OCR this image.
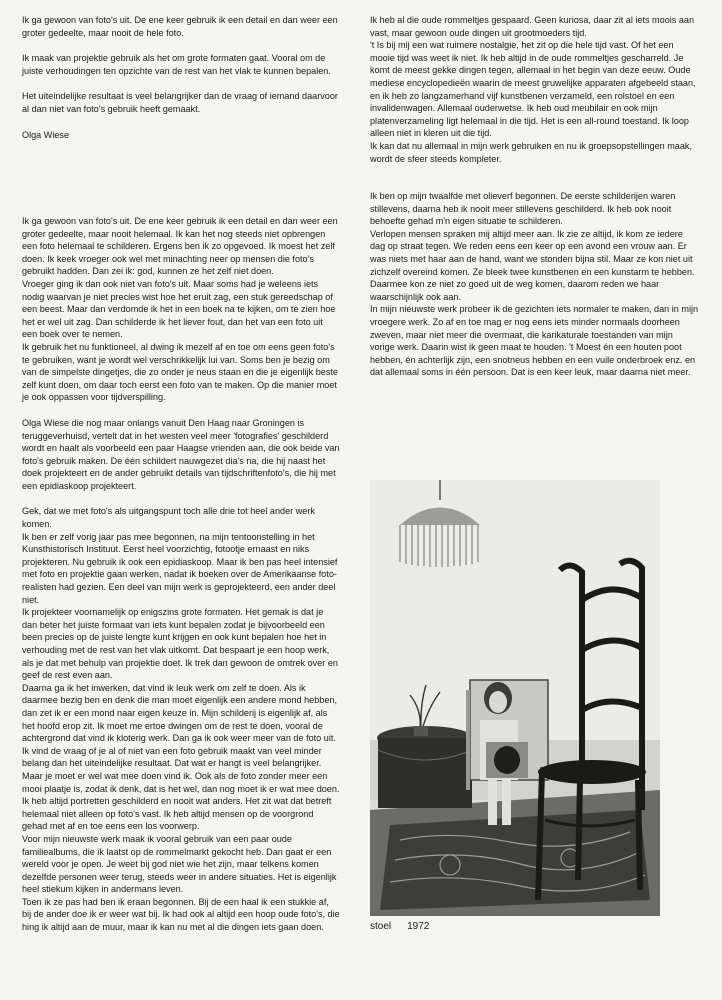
Ik ga gewoon van foto's uit. De ene keer gebruik ik een detail en dan weer een groter gedeelte, maar nooit de hele foto.

Ik maak van projektie gebruik als het om grote formaten gaat. Vooral om de juiste verhoudingen ten opzichte van de rest van het vlak te kunnen bepalen.

Het uiteindelijke resultaat is veel belangrijker dan de vraag of iemand daarvoor al dan niet van foto's gebruik heeft gemaakt.

Olga Wiese

Ik ga gewoon van foto's uit. De ene keer gebruik ik een detail en dan weer een groter gedeelte, maar nooit helemaal. Ik kan het nog steeds niet opbrengen een foto helemaal te schilderen. Ergens ben ik zo opgevoed. Ik moest het zelf doen. Ik keek vroeger ook wel met minachting neer op mensen die foto's gebruikt hadden. Dan zei ik: god, kunnen ze het zelf niet doen.

Vroeger ging ik dan ook niet van foto's uit. Maar soms had je weleens iets nodig waarvan je niet precies wist hoe het eruit zag, een stuk gereedschap of een beest. Maar dan verdomde ik het in een boek na te kijken, om te zien hoe het er wel uit zag. Dan schilderde ik het liever fout, dan het van een foto uit een boek over te nemen.

Ik gebruik het nu funktioneel, al dwing ik mezelf af en toe om eens geen foto's te gebruiken, want je wordt wel verschrikkelijk lui van. Soms ben je bezig om van de simpelste dingetjes, die zo onder je neus staan en die je eigenlijk beste zelf kunt doen, om daar toch eerst een foto van te maken. Op die manier moet je ook oppassen voor tijdverspilling.

Olga Wiese die nog maar onlangs vanuit Den Haag naar Groningen is teruggeverhuisd, vertelt dat in het westen veel meer 'fotografies' geschilderd wordt en haalt als voorbeeld een paar Haagse vrienden aan, die ook beide van foto's gebruik maken. De één schildert nauwgezet dia's na, die hij naast het doek projekteert en de ander gebruikt details van tijdschriftenfoto's, die hij met een epidiaskoop projekteert.

Gek, dat we met foto's als uitgangspunt toch alle drie tot heel ander werk komen.

Ik ben er zelf vorig jaar pas mee begonnen, na mijn tentoonstelling in het Kunsthistorisch Instituut. Eerst heel voorzichtig, fotootje ernaast en niks projekteren. Nu gebruik ik ook een epidiaskoop. Maar ik ben pas heel intensief met foto en projektie gaan werken, nadat ik boeken over de Amerikaanse foto-realisten had gezien. Een deel van mijn werk is geprojekteerd, een ander deel niet.

Ik projekteer voornamelijk op enigszins grote formaten. Het gemak is dat je dan beter het juiste formaat van iets kunt bepalen zodat je bijvoorbeeld een been precies op de juiste lengte kunt krijgen en ook kunt bepalen hoe het in verhouding met de rest van het vlak uitkomt. Dat bespaart je een hoop werk, als je dat met behulp van projektie doet. Ik trek dan gewoon de omtrek over en geef de rest even aan.

Daarna ga ik het inwerken, dat vind ik leuk werk om zelf te doen. Als ik daarmee bezig ben en denk die man moet eigenlijk een andere mond hebben, dan zet ik er een mond naar eigen keuze in. Mijn schilderij is eigenlijk af, als het hoofd erop zit. Ik moet me ertoe dwingen om de rest te doen, vooral de achtergrond dat vind ik kloterig werk. Dan ga ik ook weer meer van de foto uit.

Ik vind de vraag of je al of niet van een foto gebruik maakt van veel minder belang dan het uiteindelijke resultaat. Dat wat er hangt is veel belangrijker. Maar je moet er wel wat mee doen vind ik. Ook als de foto zonder meer een mooi plaatje is, zodat ik denk, dat is het wel, dan nog moet ik er wat mee doen.

Ik heb altijd portretten geschilderd en nooit wat anders. Het zit wat dat betreft helemaal niet alleen op foto's vast. Ik heb altijd mensen op de voorgrond gehad met af en toe eens een los voorwerp.

Voor mijn nieuwste werk maak ik vooral gebruik van een paar oude familiealbums, die ik laatst op de rommelmarkt gekocht heb. Dan gaat er een wereld voor je open. Je weet bij god niet wie het zijn, maar telkens komen dezelfde personen weer terug, steeds weer in andere situaties. Het is eigenlijk heel stiekum kijken in andermans leven.

Toen ik ze pas had ben ik eraan begonnen. Bij de een haal ik een stukkie af, bij de ander doe ik er weer wat bij. Ik had ook al altijd een hoop oude foto's, die hing ik altijd aan de muur, maar ik kan nu met al die dingen iets gaan doen.

Ik heb al die oude rommeltjes gespaard. Geen kuriosa, daar zit al iets moois aan vast, maar gewoon oude dingen uit grootmoeders tijd.

't Is bij mij een wat ruimere nostalgie, het zit op die hele tijd vast. Of het een mooie tijd was weet ik niet. Ik heb altijd in de oude rommeltjes gescharreld. Je komt de meest gekke dingen tegen, allemaal in het begin van deze eeuw. Oude mediese encyclopedieën waarin de meest gruwelijke apparaten afgebeeld staan, en ik heb zo langzamerhand vijf kunstbenen verzameld, een rolstoel en een invalidenwagen. Allemaal ouderwetse. Ik heb oud meubilair en ook mijn platenverzameling ligt helemaal in die tijd. Het is een all-round toestand. Ik loop alleen niet in kleren uit die tijd.

Ik kan dat nu allemaal in mijn werk gebruiken en nu ik groepsopstellingen maak, wordt de sfeer steeds kompleter.

Ik ben op mijn twaalfde met olieverf begonnen. De eerste schilderijen waren stillevens, daarna heb ik nooit meer stillevens geschilderd. Ik heb ook nooit behoefte gehad m'n eigen situatie te schilderen.

Verlopen mensen spraken mij altijd meer aan. Ik zie ze altijd, ik kom ze iedere dag op straat tegen. We reden eens een keer op een avond een vrouw aan. Er was niets met haar aan de hand, want we stonden bijna stil. Maar ze kon niet uit zichzelf overeind komen. Ze bleek twee kunstbenen en een kunstarm te hebben. Daarmee kon ze niet zo goed uit de weg komen, daarom reden we haar waarschijnlijk ook aan.

In mijn nieuwste werk probeer ik de gezichten iets normaler te maken, dan in mijn vroegere werk. Zo af en toe mag er nog eens iets minder normaals doorheen zweven, maar niet meer die overmaat, die karikaturale toestanden van mijn vorige werk. Daarin wist ik geen maat te houden. 't Moest én een houten poot hebben, én achterlijk zijn, een snotneus hebben en een vuile onderbroek enz. en dat allemaal soms in één persoon. Dat is een keer leuk, maar daarna niet meer.

stoel 1972
